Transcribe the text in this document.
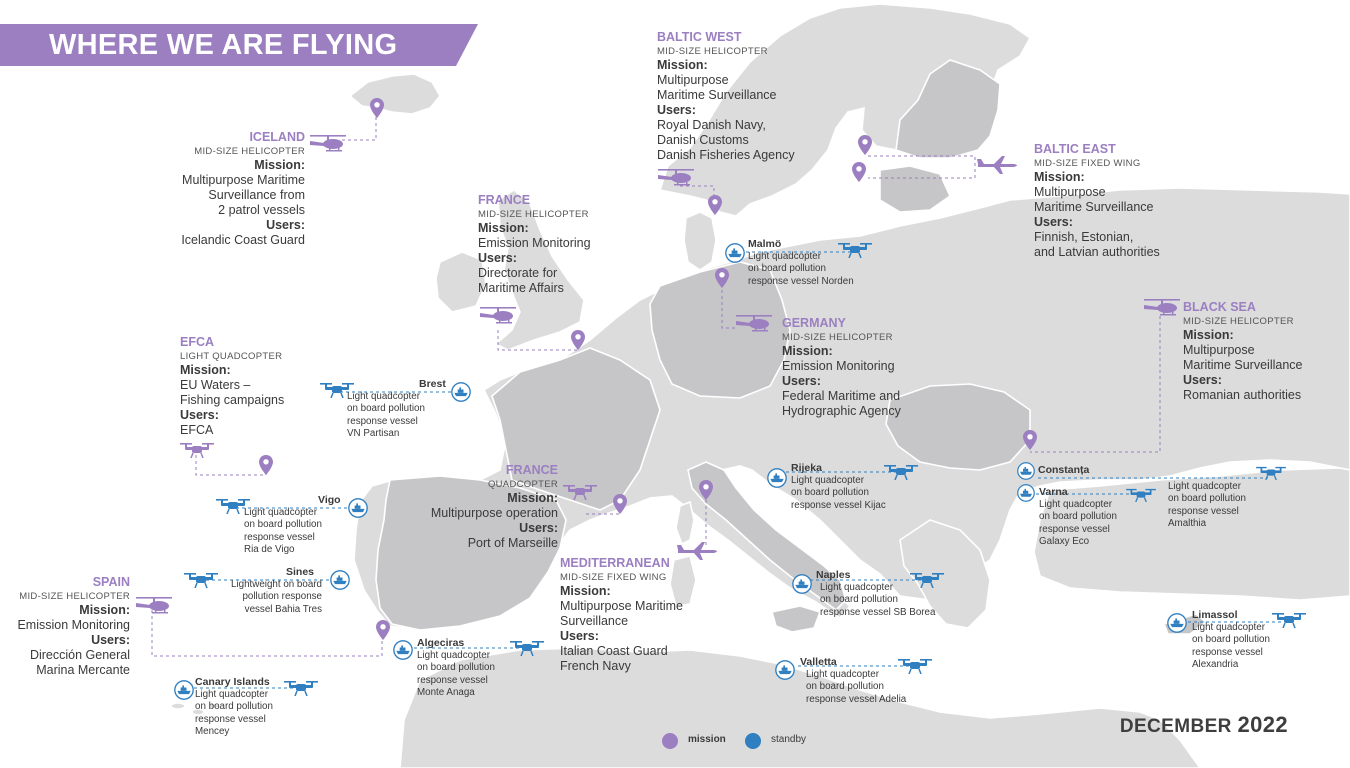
WHERE WE ARE FLYING
ICELAND
MID-SIZE HELICOPTER
Mission:
Multipurpose Maritime
Surveillance from
2 patrol vessels
Users:
Icelandic Coast Guard
FRANCE
MID-SIZE HELICOPTER
Mission:
Emission Monitoring
Users:
Directorate for
Maritime Affairs
BALTIC WEST
MID-SIZE HELICOPTER
Mission:
Multipurpose
Maritime Surveillance
Users:
Royal Danish Navy,
Danish Customs
Danish Fisheries Agency	BALTIC EAST
MID-SIZE FIXED WING
Mission:
Multipurpose
Maritime Surveillance
Users:
Finnish, Estonian,
and Latvian authorities
GERMANY
MID-SIZE HELICOPTER
Mission:
Emission Monitoring
Users:
Federal Maritime and
Hydrographic Agency
BLACK SEA
MID-SIZE HELICOPTER
Mission:
Multipurpose
Maritime Surveillance
Users:
Romanian authorities
EFCA
LIGHT QUADCOPTER
Mission:
EU Waters –
Fishing campaigns
Users:
EFCA
FRANCE
QUADCOPTER
Mission:
Multipurpose operation
Users:
Port of Marseille
MEDITERRANEAN
MID-SIZE FIXED WING
Mission:
Multipurpose Maritime
Surveillance
Users:
Italian Coast Guard
French Navy
SPAIN
MID-SIZE HELICOPTER
Mission:
Emission Monitoring
Users:
Dirección General
Marina Mercante
Malmö
Light quadcopter
on board pollution
response vessel Norden
Brest
Light quadcopter
on board pollution
response vessel
VN Partisan
Vigo
Light quadcopter
on board pollution
response vessel
Ria de Vigo
Sines
Lightweight on board
pollution response
vessel Bahia Tres
Algeciras
Light quadcopter
on board pollution
response vessel
Monte Anaga
Canary Islands
Light quadcopter
on board pollution
response vessel
Mencey
Rijeka
Light quadcopter
on board pollution
response vessel Kijac
Naples
Light quadcopter
on board pollution
response vessel SB Borea
Valletta
Light quadcopter
on board pollution
response vessel Adelia
Constanța
Varna
Light quadcopter
on board pollution
response vessel
Galaxy Eco
Light quadcopter
on board pollution
response vessel
Amalthia
Limassol
Light quadcopter
on board pollution
response vessel
Alexandria
mission	standby
DECEMBER 2022
